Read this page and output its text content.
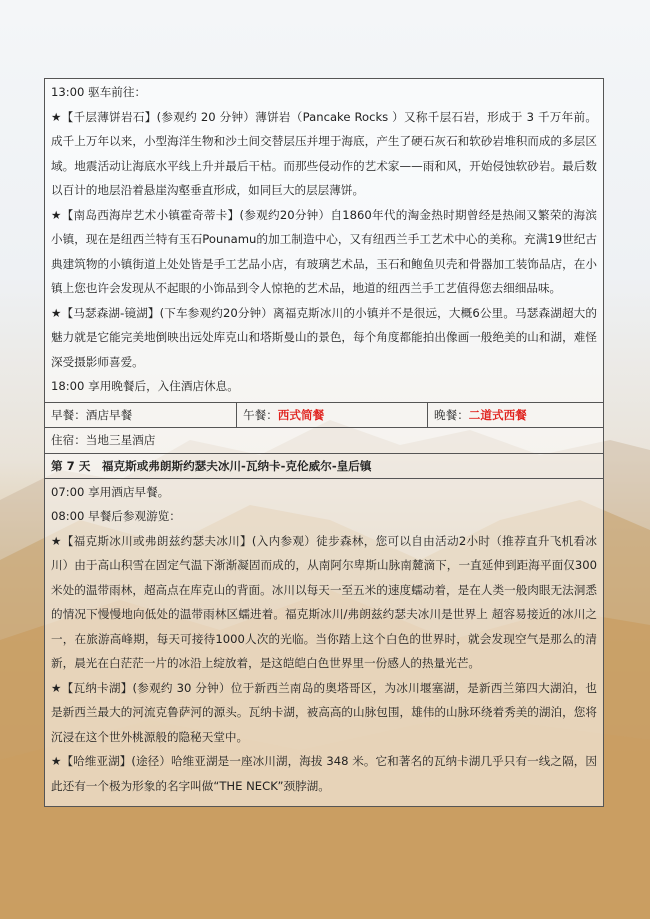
13:00 驱车前往：

★【千层薄饼岩石】(参观约 20 分钟）薄饼岩（Pancake Rocks ）又称千层石岩，形成于 3 千万年前。成千上万年以来，小型海洋生物和沙土间交替层压并埋于海底，产生了硬石灰石和软砂岩堆积而成的多层区域。地震活动让海底水平线上升并最后干枯。而那些侵动作的艺术家——雨和风，开始侵蚀软砂岩。最后数以百计的地层沿着悬崖沟壑垂直形成，如同巨大的层层薄饼。

★【南岛西海岸艺术小镇霍奇蒂卡】(参观约20分钟）自1860年代的淘金热时期曾经是热闹又繁荣的海滨小镇，现在是纽西兰特有玉石Pounamu的加工制造中心，又有纽西兰手工艺术中心的美称。充满19世纪古典建筑物的小镇街道上处处皆是手工艺品小店，有玻璃艺术品，玉石和鲍鱼贝壳和骨器加工装饰品店，在小镇上您也许会发现从不起眼的小饰品到令人惊艳的艺术品，地道的纽西兰手工艺值得您去细细品味。

★【马瑟森湖-镜湖】(下车参观约20分钟）离福克斯冰川的小镇并不是很远，大概6公里。马瑟森湖超大的魅力就是它能完美地倒映出远处库克山和塔斯曼山的景色，每个角度都能拍出像画一般绝美的山和湖，难怪深受摄影师喜爱。

18:00 享用晚餐后，入住酒店休息。

早餐：酒店早餐	午餐：西式简餐	晚餐：二道式西餐
住宿：当地三星酒店
第 7 天　福克斯或弗朗斯约瑟夫冰川-瓦纳卡-克伦威尔-皇后镇

07:00 享用酒店早餐。

08:00 早餐后参观游览：

★【福克斯冰川或弗朗兹约瑟夫冰川】(入内参观）徒步森林，您可以自由活动2小时（推荐直升飞机看冰川）由于高山积雪在固定气温下渐渐凝固而成的，从南阿尔卑斯山脉南麓滴下，一直延伸到距海平面仅300米处的温带雨林，超高点在库克山的背面。冰川以每天一至五米的速度蠕动着，是在人类一般肉眼无法洞悉的情况下慢慢地向低处的温带雨林区蠕进着。福克斯冰川/弗朗兹约瑟夫冰川是世界上 超容易接近的冰川之一，在旅游高峰期，每天可接待1000人次的光临。当你踏上这个白色的世界时，就会发现空气是那么的清新，晨光在白茫茫一片的冰沿上绽放着，是这皑皑白色世界里一份感人的热量光芒。

★【瓦纳卡湖】(参观约 30 分钟）位于新西兰南岛的奥塔哥区，为冰川堰塞湖，是新西兰第四大湖泊，也是新西兰最大的河流克鲁萨河的源头。瓦纳卡湖，被高高的山脉包围，雄伟的山脉环绕着秀美的湖泊，您将沉浸在这个世外桃源般的隐秘天堂中。

★【哈维亚湖】(途径）哈维亚湖是一座冰川湖，海拔 348 米。它和著名的瓦纳卡湖几乎只有一线之隔，因此还有一个极为形象的名字叫做“THE NECK”颈脖湖。
